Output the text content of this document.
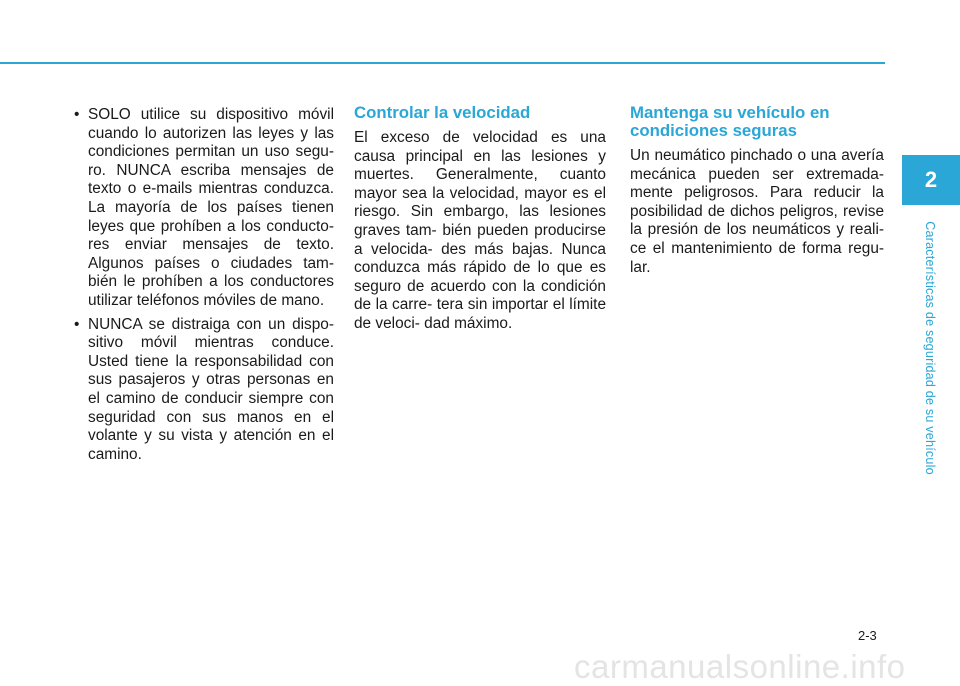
• SOLO utilice su dispositivo móvil cuando lo autorizen las leyes y las condiciones permitan un uso segu- ro. NUNCA escriba mensajes de texto o e-mails mientras conduzca. La mayoría de los países tienen leyes que prohíben a los conducto- res enviar mensajes de texto. Algunos países o ciudades tam- bién le prohíben a los conductores utilizar teléfonos móviles de mano.
• NUNCA se distraiga con un dispo- sitivo móvil mientras conduce. Usted tiene la responsabilidad con sus pasajeros y otras personas en el camino de conducir siempre con seguridad con sus manos en el volante y su vista y atención en el camino.
Controlar la velocidad

El exceso de velocidad es una causa principal en las lesiones y muertes. Generalmente, cuanto mayor sea la velocidad, mayor es el riesgo. Sin embargo, las lesiones graves tam- bién pueden producirse a velocida- des más bajas. Nunca conduzca más rápido de lo que es seguro de acuerdo con la condición de la carre- tera sin importar el límite de veloci- dad máximo.

Mantenga su vehículo en condiciones seguras

Un neumático pinchado o una avería mecánica pueden ser extremada- mente peligrosos. Para reducir la posibilidad de dichos peligros, revise la presión de los neumáticos y reali- ce el mantenimiento de forma regu- lar.

2
Características de seguridad de su vehículo
2-3
carmanualsonline.info
